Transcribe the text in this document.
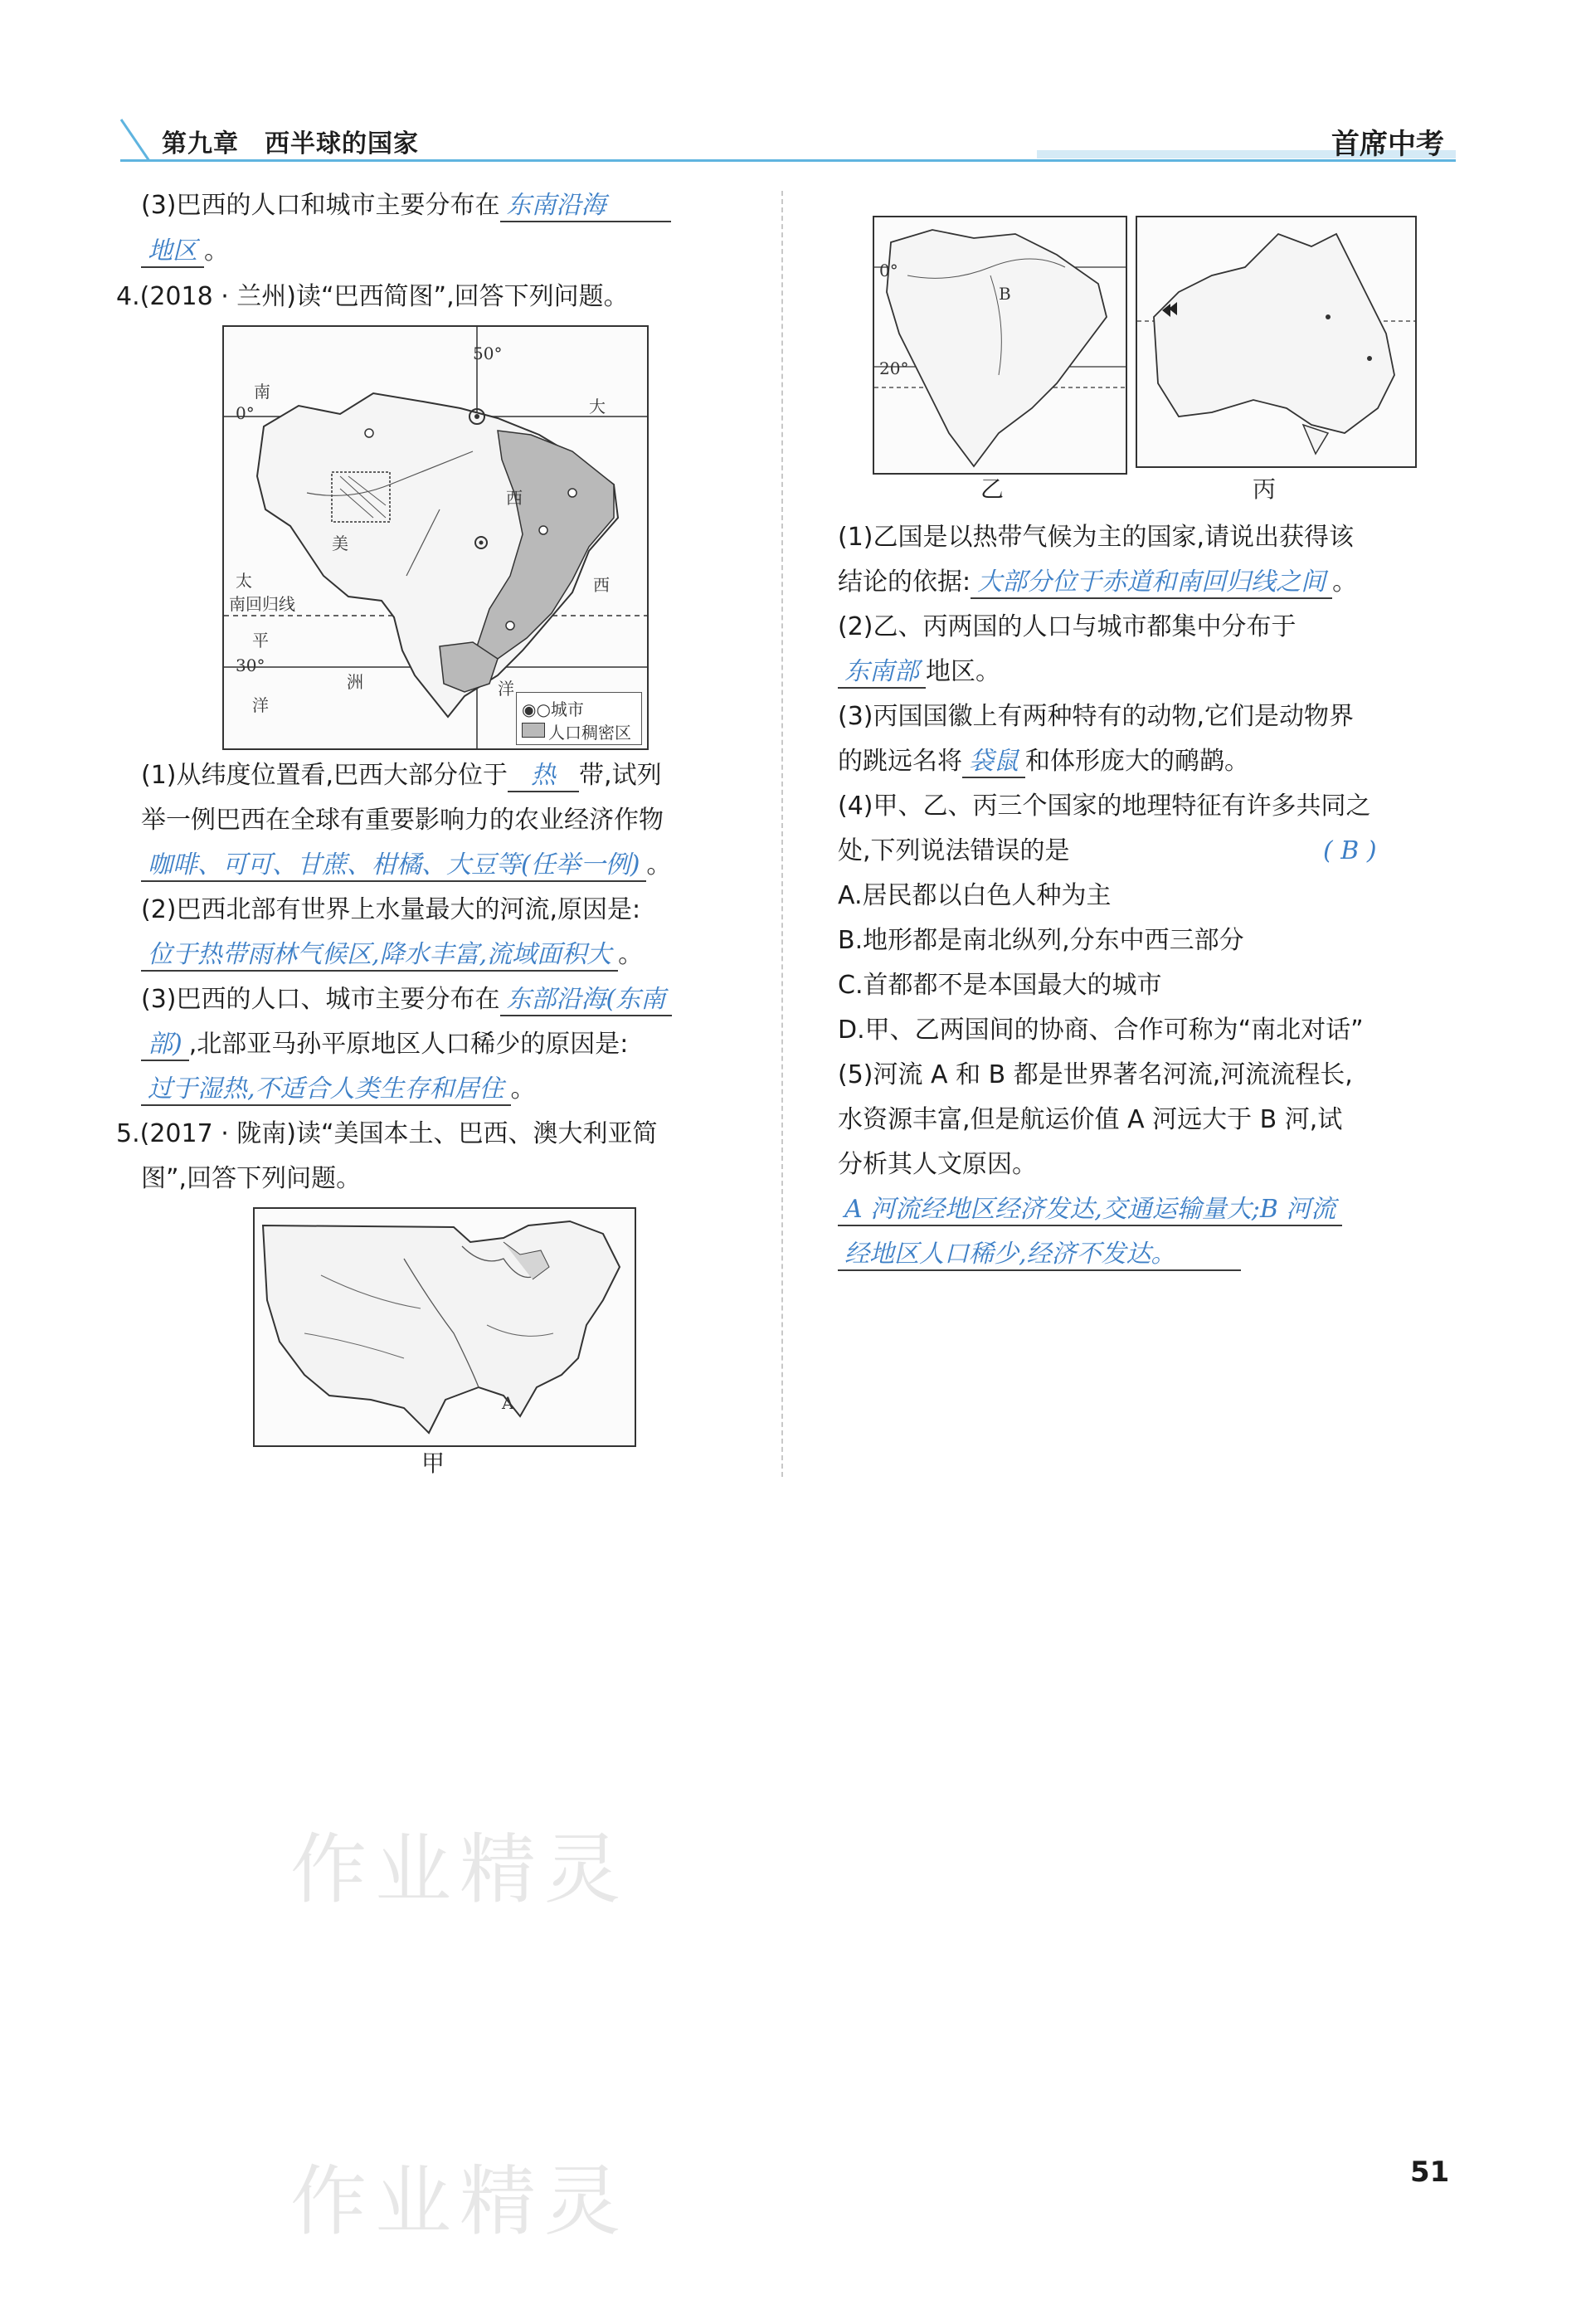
第九章　西半球的国家	首席中考
(3)巴西的人口和城市主要分布在 东南沿海
地区 。
4.(2018 · 兰州)读“巴西简图”,回答下列问题。
南
0°
50°
大
西
西
美
太
南回归线
平
30°
洲
洋
洋
◉○城市
人口稠密区
(1)从纬度位置看,巴西大部分位于 热 带,试列
举一例巴西在全球有重要影响力的农业经济作物
咖啡、可可、甘蔗、柑橘、大豆等(任举一例) 。
(2)巴西北部有世界上水量最大的河流,原因是:
位于热带雨林气候区,降水丰富,流域面积大 。
(3)巴西的人口、城市主要分布在 东部沿海(东南
部) ,北部亚马孙平原地区人口稀少的原因是:
过于湿热,不适合人类生存和居住 。
5.(2017 · 陇南)读“美国本土、巴西、澳大利亚简
图”,回答下列问题。
A
甲
B
0°
20°
乙	丙
(1)乙国是以热带气候为主的国家,请说出获得该
结论的依据: 大部分位于赤道和南回归线之间 。
(2)乙、丙两国的人口与城市都集中分布于
东南部 地区。
(3)丙国国徽上有两种特有的动物,它们是动物界
的跳远名将 袋鼠 和体形庞大的鸸鹋。
(4)甲、乙、丙三个国家的地理特征有许多共同之
处,下列说法错误的是	( B )
A.居民都以白色人种为主
B.地形都是南北纵列,分东中西三部分
C.首都都不是本国最大的城市
D.甲、乙两国间的协商、合作可称为“南北对话”
(5)河流 A 和 B 都是世界著名河流,河流流程长,
水资源丰富,但是航运价值 A 河远大于 B 河,试
分析其人文原因。
A 河流经地区经济发达,交通运输量大;B 河流
经地区人口稀少,经济不发达。
作业精灵
作业精灵	51
